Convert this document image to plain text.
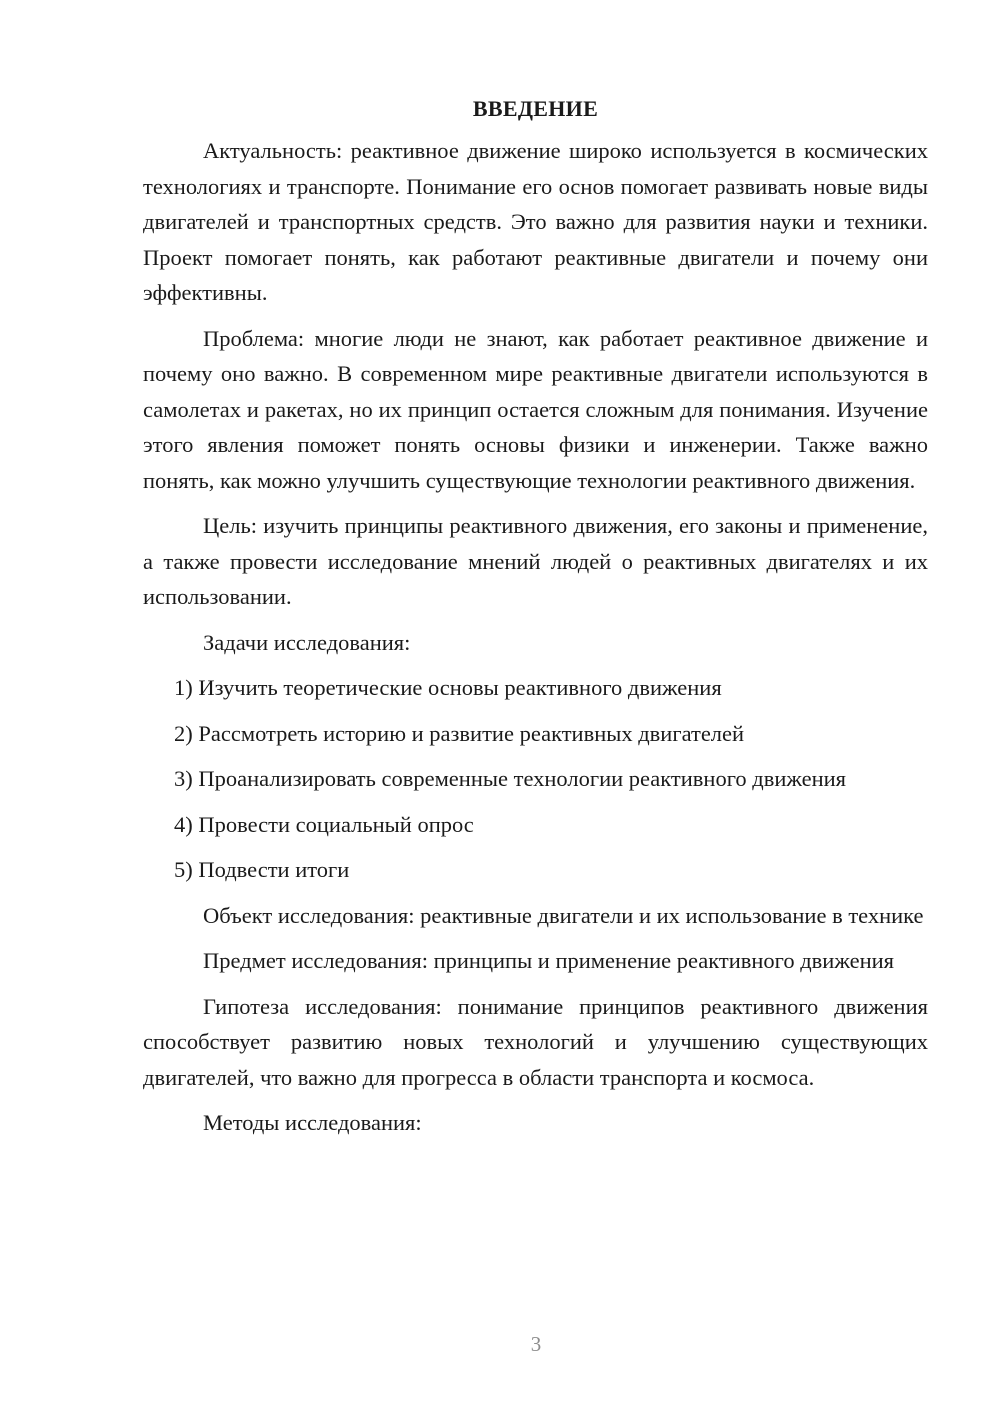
ВВЕДЕНИЕ

Актуальность: реактивное движение широко используется в космических технологиях и транспорте. Понимание его основ помогает развивать новые виды двигателей и транспортных средств. Это важно для развития науки и техники. Проект помогает понять, как работают реактивные двигатели и почему они эффективны.

Проблема: многие люди не знают, как работает реактивное движение и почему оно важно. В современном мире реактивные двигатели используются в самолетах и ракетах, но их принцип остается сложным для понимания. Изучение этого явления поможет понять основы физики и инженерии. Также важно понять, как можно улучшить существующие технологии реактивного движения.

Цель: изучить принципы реактивного движения, его законы и применение, а также провести исследование мнений людей о реактивных двигателях и их использовании.

Задачи исследования:

1) Изучить теоретические основы реактивного движения
2) Рассмотреть историю и развитие реактивных двигателей
3) Проанализировать современные технологии реактивного движения
4) Провести социальный опрос
5) Подвести итоги

Объект исследования: реактивные двигатели и их использование в технике

Предмет исследования: принципы и применение реактивного движения

Гипотеза исследования: понимание принципов реактивного движения способствует развитию новых технологий и улучшению существующих двигателей, что важно для прогресса в области транспорта и космоса.

Методы исследования:

3
